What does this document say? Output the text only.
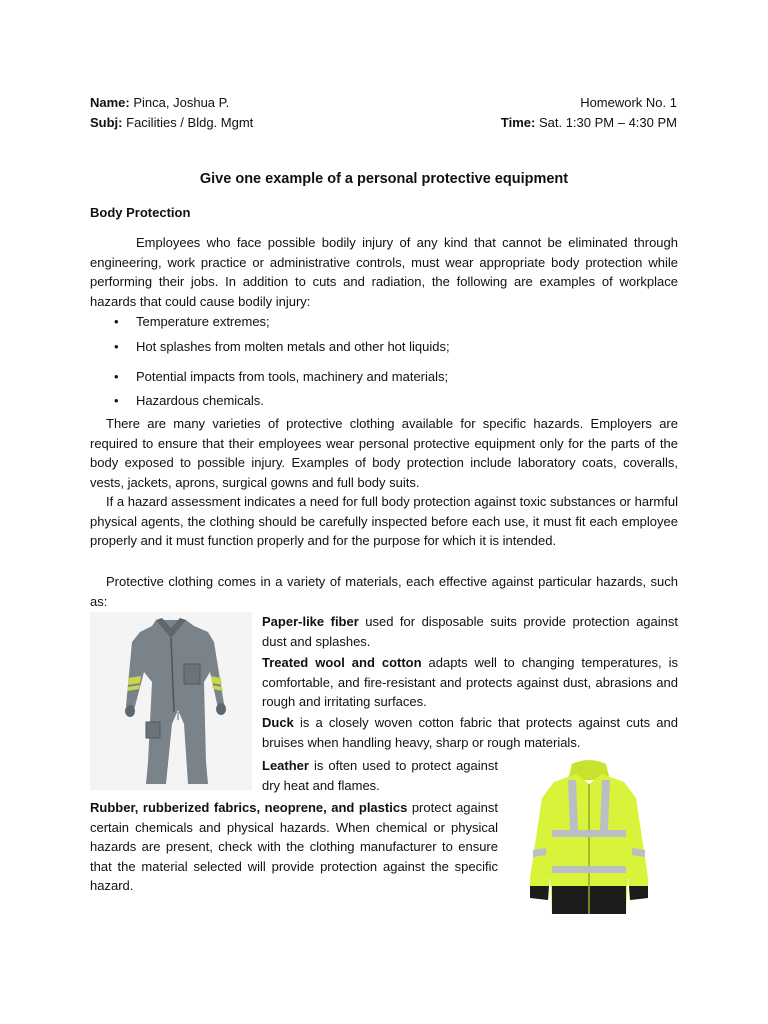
Name: Pinca, Joshua P.
Subj: Facilities / Bldg. Mgmt
Homework No. 1
Time: Sat. 1:30 PM – 4:30 PM
Give one example of a personal protective equipment
Body Protection
Employees who face possible bodily injury of any kind that cannot be eliminated through engineering, work practice or administrative controls, must wear appropriate body protection while performing their jobs. In addition to cuts and radiation, the following are examples of workplace hazards that could cause bodily injury:
• Temperature extremes;
• Hot splashes from molten metals and other hot liquids;
• Potential impacts from tools, machinery and materials;
• Hazardous chemicals.
There are many varieties of protective clothing available for specific hazards. Employers are required to ensure that their employees wear personal protective equipment only for the parts of the body exposed to possible injury. Examples of body protection include laboratory coats, coveralls, vests, jackets, aprons, surgical gowns and full body suits.
If a hazard assessment indicates a need for full body protection against toxic substances or harmful physical agents, the clothing should be carefully inspected before each use, it must fit each employee properly and it must function properly and for the purpose for which it is intended.
Protective clothing comes in a variety of materials, each effective against particular hazards, such as:
Paper-like fiber used for disposable suits provide protection against dust and splashes.
Treated wool and cotton adapts well to changing temperatures, is comfortable, and fire-resistant and protects against dust, abrasions and rough and irritating surfaces.
Duck is a closely woven cotton fabric that protects against cuts and bruises when handling heavy, sharp or rough materials.
Leather is often used to protect against dry heat and flames.
Rubber, rubberized fabrics, neoprene, and plastics protect against certain chemicals and physical hazards. When chemical or physical hazards are present, check with the clothing manufacturer to ensure that the material selected will provide protection against the specific hazard.
